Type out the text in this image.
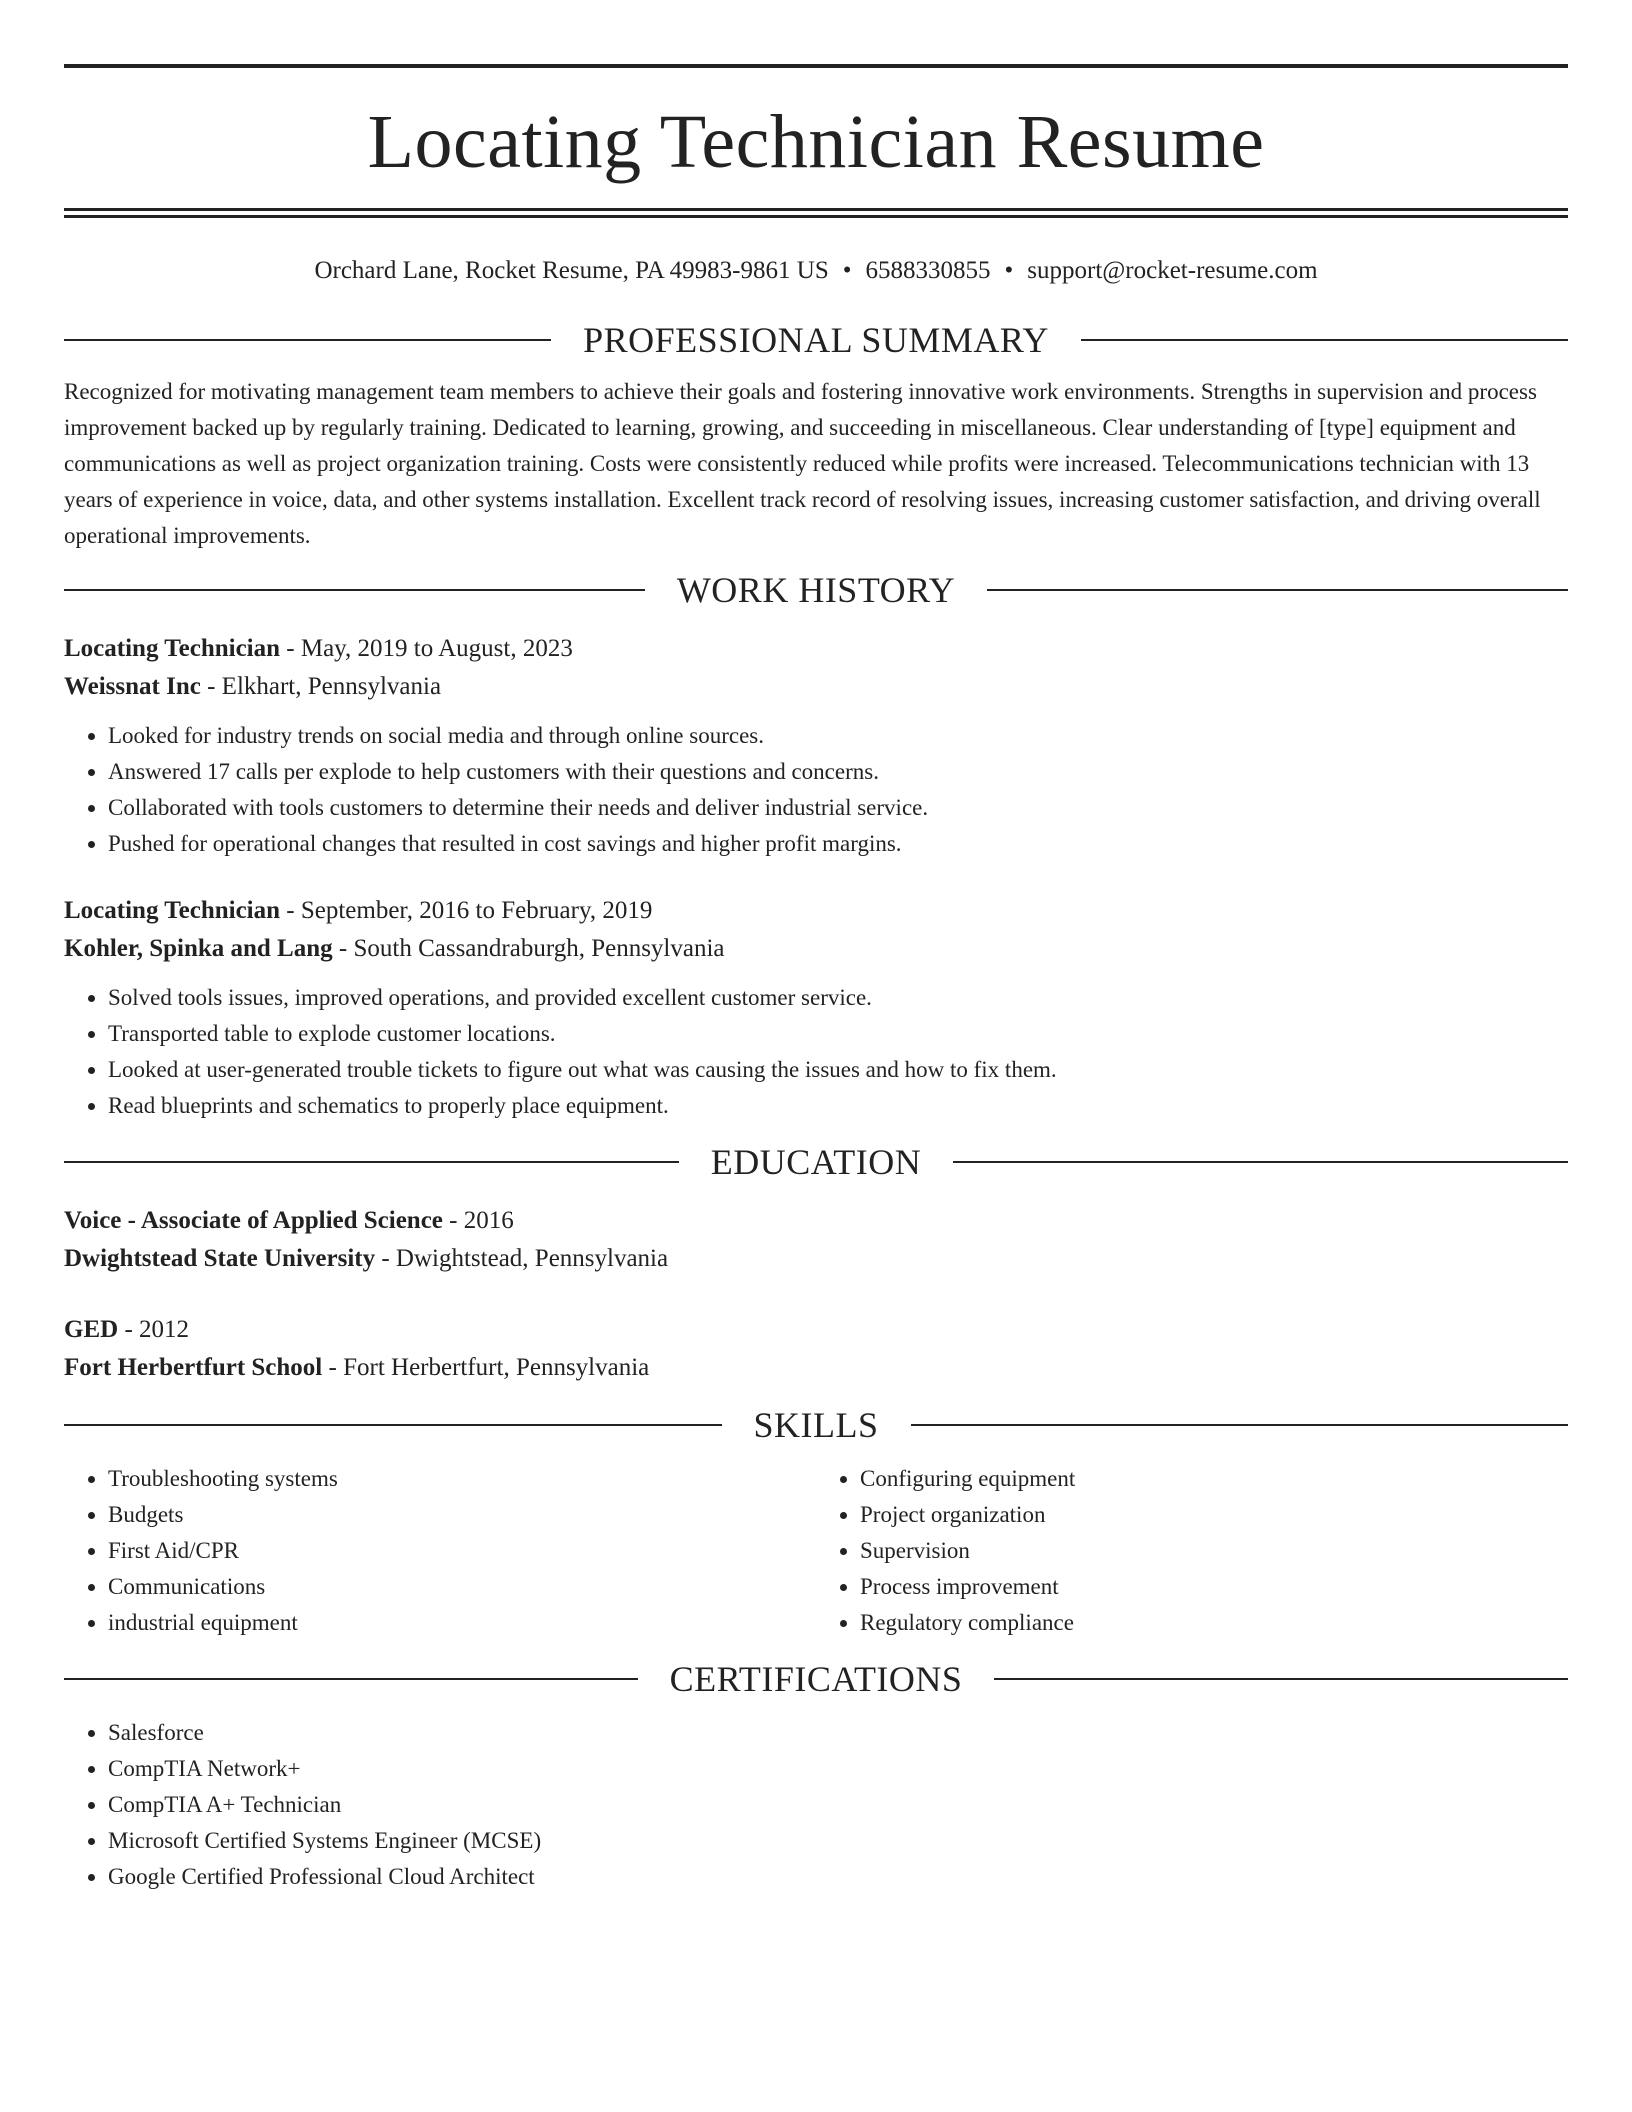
Locating Technician Resume
Orchard Lane, Rocket Resume, PA 49983-9861 US • 6588330855 • support@rocket-resume.com
PROFESSIONAL SUMMARY

Recognized for motivating management team members to achieve their goals and fostering innovative work environments. Strengths in supervision and process improvement backed up by regularly training. Dedicated to learning, growing, and succeeding in miscellaneous. Clear understanding of [type] equipment and communications as well as project organization training. Costs were consistently reduced while profits were increased. Telecommunications technician with 13 years of experience in voice, data, and other systems installation. Excellent track record of resolving issues, increasing customer satisfaction, and driving overall operational improvements.

WORK HISTORY
Locating Technician - May, 2019 to August, 2023
Weissnat Inc - Elkhart, Pennsylvania
• Looked for industry trends on social media and through online sources.
• Answered 17 calls per explode to help customers with their questions and concerns.
• Collaborated with tools customers to determine their needs and deliver industrial service.
• Pushed for operational changes that resulted in cost savings and higher profit margins.
Locating Technician - September, 2016 to February, 2019
Kohler, Spinka and Lang - South Cassandraburgh, Pennsylvania
• Solved tools issues, improved operations, and provided excellent customer service.
• Transported table to explode customer locations.
• Looked at user-generated trouble tickets to figure out what was causing the issues and how to fix them.
• Read blueprints and schematics to properly place equipment.
EDUCATION
Voice - Associate of Applied Science - 2016
Dwightstead State University - Dwightstead, Pennsylvania
GED - 2012
Fort Herbertfurt School - Fort Herbertfurt, Pennsylvania
SKILLS
• Troubleshooting systems
• Budgets
• First Aid/CPR
• Communications
• industrial equipment
• Configuring equipment
• Project organization
• Supervision
• Process improvement
• Regulatory compliance
CERTIFICATIONS
• Salesforce
• CompTIA Network+
• CompTIA A+ Technician
• Microsoft Certified Systems Engineer (MCSE)
• Google Certified Professional Cloud Architect
